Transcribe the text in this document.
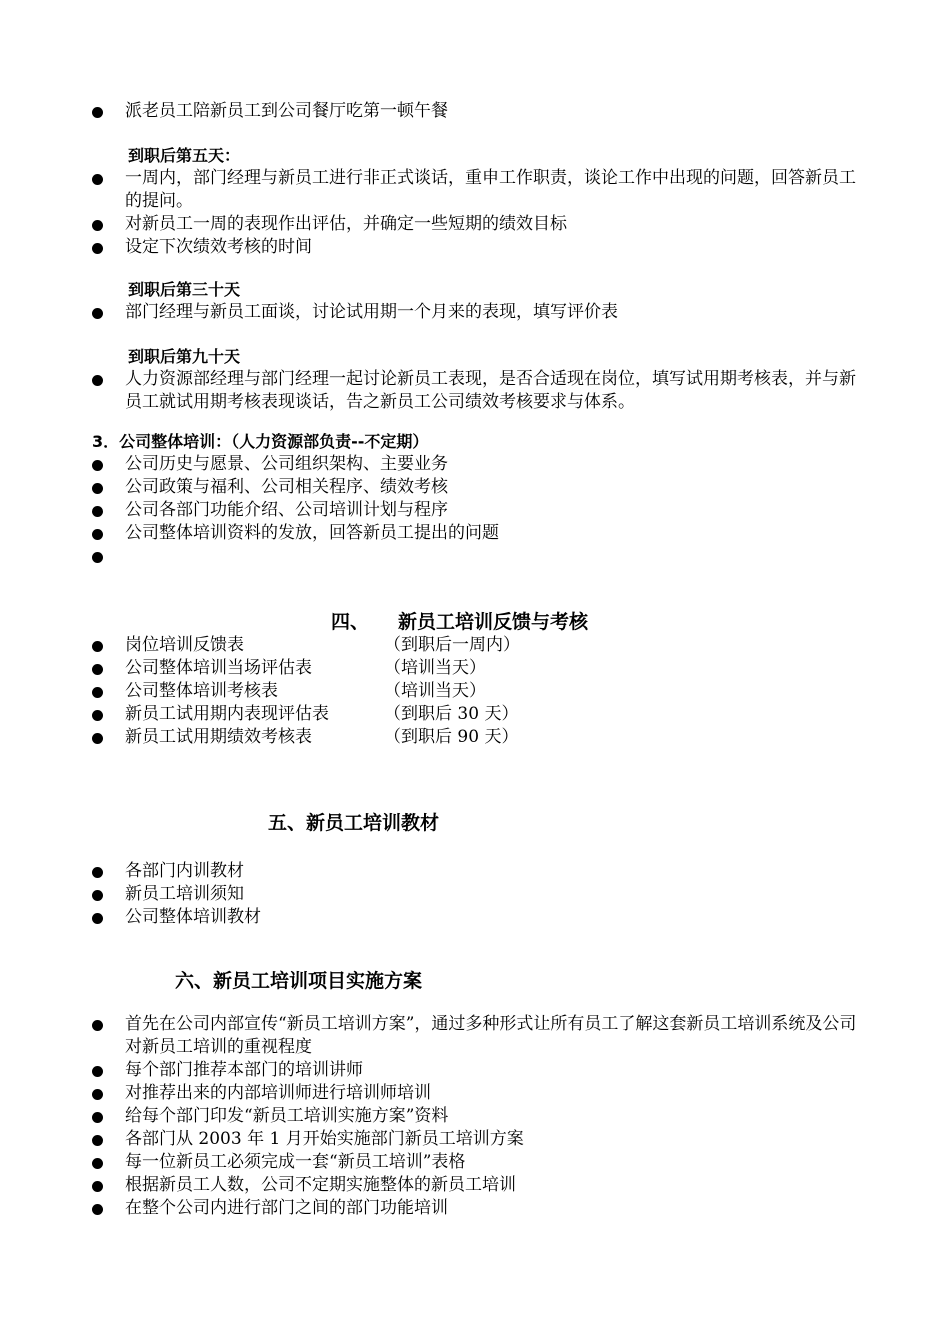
派老员工陪新员工到公司餐厅吃第一顿午餐
到职后第五天：
一周内，部门经理与新员工进行非正式谈话，重申工作职责，谈论工作中出现的问题，回答新员工的提问。
对新员工一周的表现作出评估，并确定一些短期的绩效目标
设定下次绩效考核的时间
到职后第三十天
部门经理与新员工面谈，讨论试用期一个月来的表现，填写评价表
到职后第九十天
人力资源部经理与部门经理一起讨论新员工表现，是否合适现在岗位，填写试用期考核表，并与新员工就试用期考核表现谈话，告之新员工公司绩效考核要求与体系。
3．公司整体培训：（人力资源部负责--不定期）
公司历史与愿景、公司组织架构、主要业务
公司政策与福利、公司相关程序、绩效考核
公司各部门功能介绍、公司培训计划与程序
公司整体培训资料的发放，回答新员工提出的问题
四、 新员工培训反馈与考核
岗位培训反馈表	（到职后一周内）
公司整体培训当场评估表	（培训当天）
公司整体培训考核表	（培训当天）
新员工试用期内表现评估表	（到职后 30 天）
新员工试用期绩效考核表	（到职后 90 天）
五、新员工培训教材
各部门内训教材
新员工培训须知
公司整体培训教材
六、新员工培训项目实施方案
首先在公司内部宣传“新员工培训方案”，通过多种形式让所有员工了解这套新员工培训系统及公司对新员工培训的重视程度
每个部门推荐本部门的培训讲师
对推荐出来的内部培训师进行培训师培训
给每个部门印发“新员工培训实施方案”资料
各部门从 2003 年 1 月开始实施部门新员工培训方案
每一位新员工必须完成一套“新员工培训”表格
根据新员工人数，公司不定期实施整体的新员工培训
在整个公司内进行部门之间的部门功能培训
